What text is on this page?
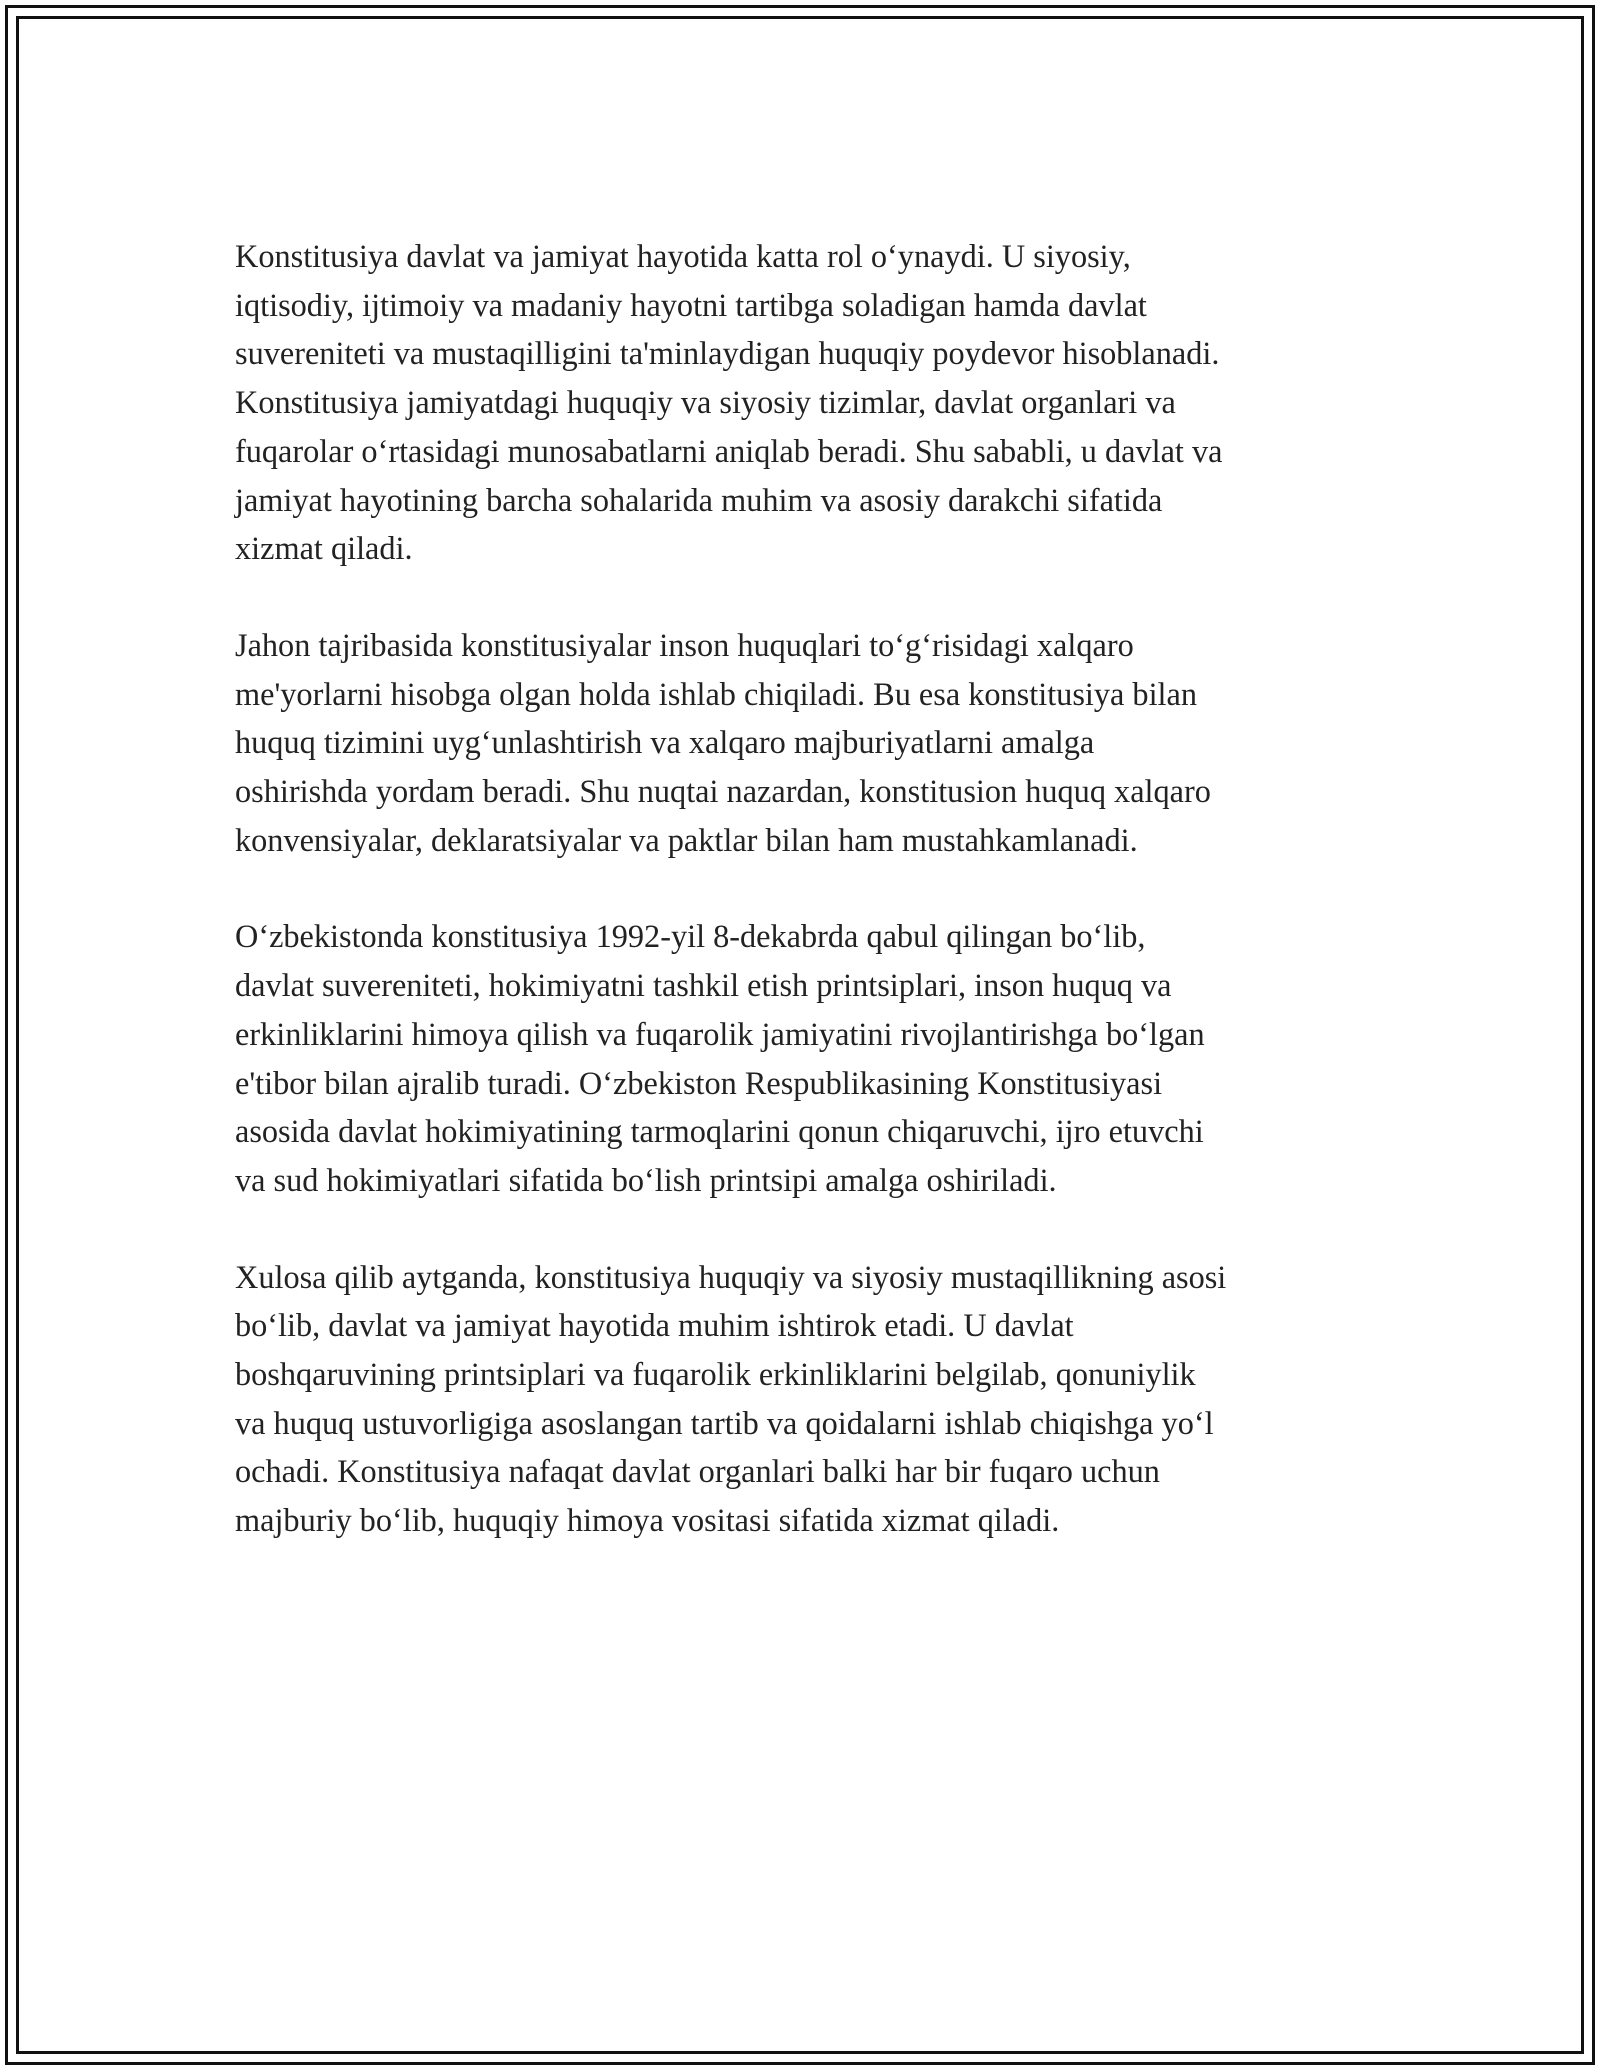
Konstitusiya davlat va jamiyat hayotida katta rol o‘ynaydi. U siyosiy,
iqtisodiy, ijtimoiy va madaniy hayotni tartibga soladigan hamda davlat
suvereniteti va mustaqilligini ta'minlaydigan huquqiy poydevor hisoblanadi.
Konstitusiya jamiyatdagi huquqiy va siyosiy tizimlar, davlat organlari va
fuqarolar o‘rtasidagi munosabatlarni aniqlab beradi. Shu sababli, u davlat va
jamiyat hayotining barcha sohalarida muhim va asosiy darakchi sifatida
xizmat qiladi.

Jahon tajribasida konstitusiyalar inson huquqlari to‘g‘risidagi xalqaro
me'yorlarni hisobga olgan holda ishlab chiqiladi. Bu esa konstitusiya bilan
huquq tizimini uyg‘unlashtirish va xalqaro majburiyatlarni amalga
oshirishda yordam beradi. Shu nuqtai nazardan, konstitusion huquq xalqaro
konvensiyalar, deklaratsiyalar va paktlar bilan ham mustahkamlanadi.

O‘zbekistonda konstitusiya 1992-yil 8-dekabrda qabul qilingan bo‘lib,
davlat suvereniteti, hokimiyatni tashkil etish printsiplari, inson huquq va
erkinliklarini himoya qilish va fuqarolik jamiyatini rivojlantirishga bo‘lgan
e'tibor bilan ajralib turadi. O‘zbekiston Respublikasining Konstitusiyasi
asosida davlat hokimiyatining tarmoqlarini qonun chiqaruvchi, ijro etuvchi
va sud hokimiyatlari sifatida bo‘lish printsipi amalga oshiriladi.

Xulosa qilib aytganda, konstitusiya huquqiy va siyosiy mustaqillikning asosi
bo‘lib, davlat va jamiyat hayotida muhim ishtirok etadi. U davlat
boshqaruvining printsiplari va fuqarolik erkinliklarini belgilab, qonuniylik
va huquq ustuvorligiga asoslangan tartib va qoidalarni ishlab chiqishga yo‘l
ochadi. Konstitusiya nafaqat davlat organlari balki har bir fuqaro uchun
majburiy bo‘lib, huquqiy himoya vositasi sifatida xizmat qiladi.
